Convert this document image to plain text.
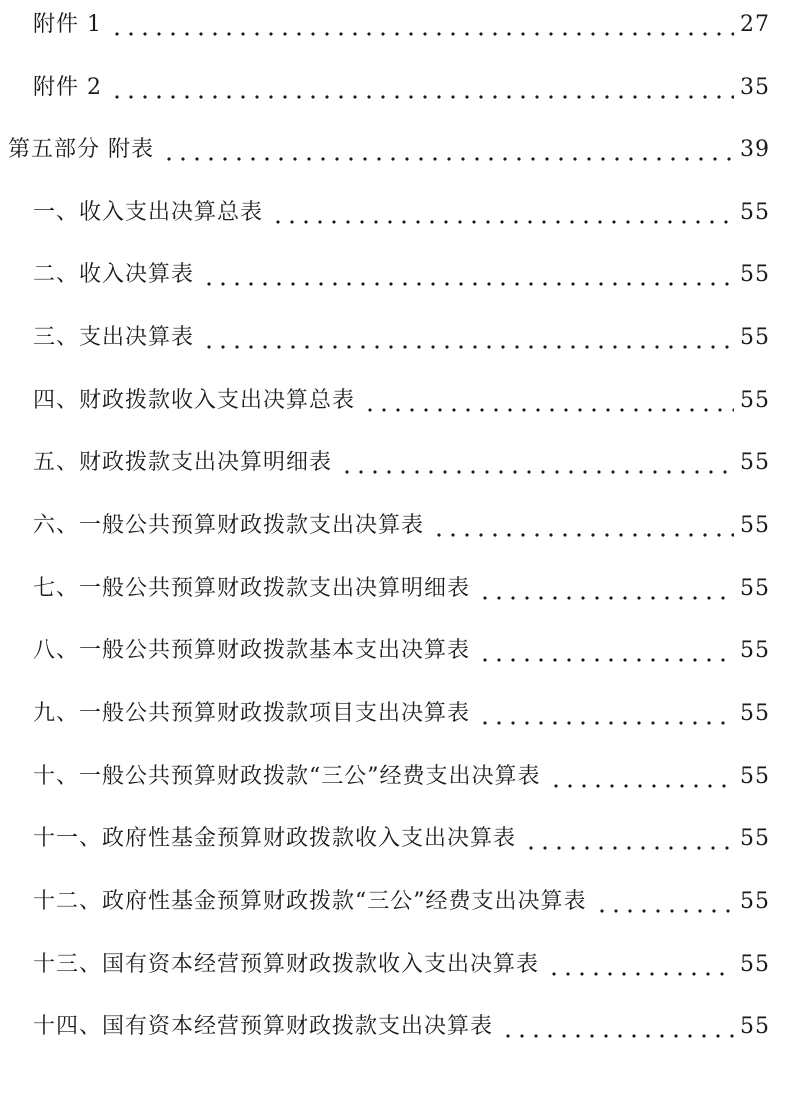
附件 1	27
附件 2	35
第五部分 附表	39
一、收入支出决算总表	55
二、收入决算表	55
三、支出决算表	55
四、财政拨款收入支出决算总表	55
五、财政拨款支出决算明细表	55
六、一般公共预算财政拨款支出决算表	55
七、一般公共预算财政拨款支出决算明细表	55
八、一般公共预算财政拨款基本支出决算表	55
九、一般公共预算财政拨款项目支出决算表	55
十、一般公共预算财政拨款“三公”经费支出决算表	55
十一、政府性基金预算财政拨款收入支出决算表	55
十二、政府性基金预算财政拨款“三公”经费支出决算表	55
十三、国有资本经营预算财政拨款收入支出决算表	55
十四、国有资本经营预算财政拨款支出决算表	55
